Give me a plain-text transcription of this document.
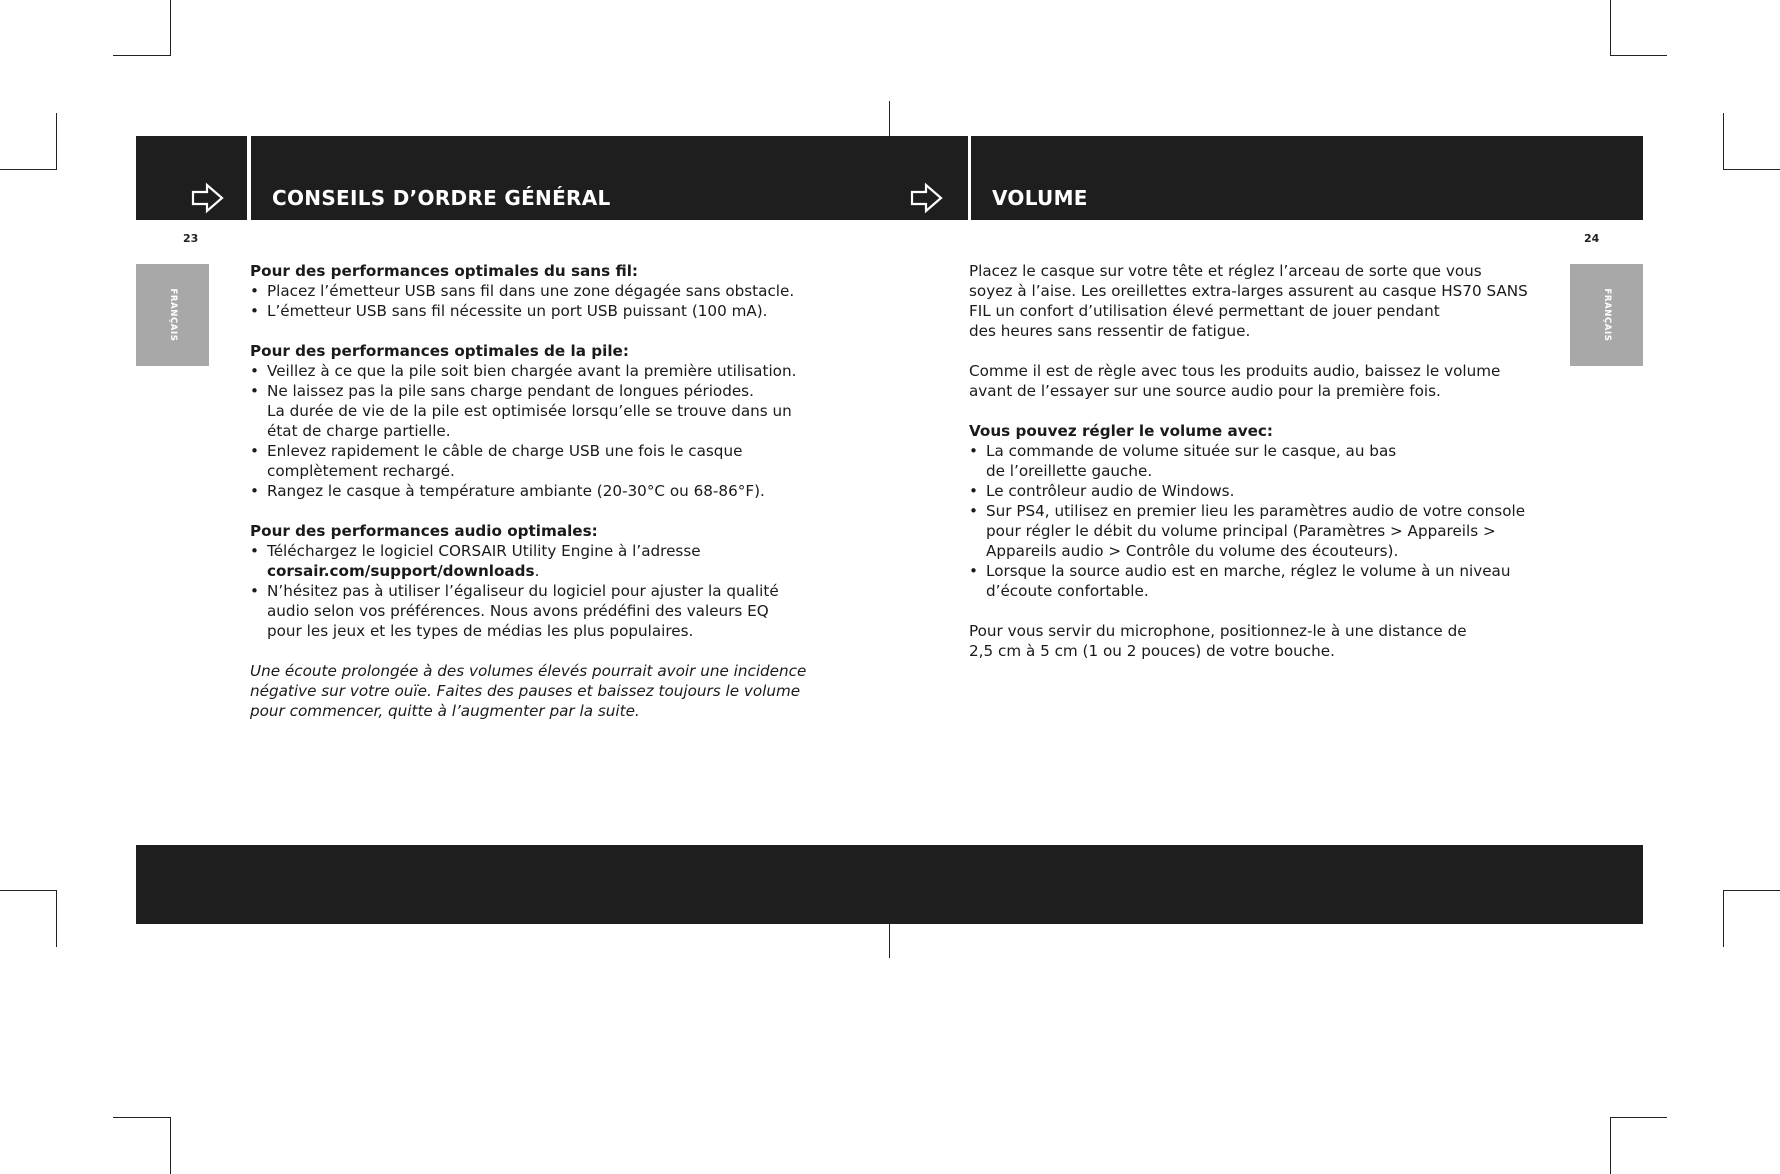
CONSEILS D’ORDRE GÉNÉRAL	VOLUME
23	24
FRANÇAIS	FRANÇAIS

Pour des performances optimales du sans fil:

• Placez l’émetteur USB sans fil dans une zone dégagée sans obstacle.
• L’émetteur USB sans fil nécessite un port USB puissant (100 mA).

Pour des performances optimales de la pile:

• Veillez à ce que la pile soit bien chargée avant la première utilisation.
• Ne laissez pas la pile sans charge pendant de longues périodes.
La durée de vie de la pile est optimisée lorsqu’elle se trouve dans un
état de charge partielle.
• Enlevez rapidement le câble de charge USB une fois le casque
complètement rechargé.
• Rangez le casque à température ambiante (20-30°C ou 68-86°F).

Pour des performances audio optimales:

• Téléchargez le logiciel CORSAIR Utility Engine à l’adresse
corsair.com/support/downloads.
• N’hésitez pas à utiliser l’égaliseur du logiciel pour ajuster la qualité
audio selon vos préférences. Nous avons prédéfini des valeurs EQ
pour les jeux et les types de médias les plus populaires.

Une écoute prolongée à des volumes élevés pourrait avoir une incidence
négative sur votre ouïe. Faites des pauses et baissez toujours le volume
pour commencer, quitte à l’augmenter par la suite.

Placez le casque sur votre tête et réglez l’arceau de sorte que vous
soyez à l’aise. Les oreillettes extra-larges assurent au casque HS70 SANS
FIL un confort d’utilisation élevé permettant de jouer pendant
des heures sans ressentir de fatigue.

Comme il est de règle avec tous les produits audio, baissez le volume
avant de l’essayer sur une source audio pour la première fois.

Vous pouvez régler le volume avec:

• La commande de volume située sur le casque, au bas
de l’oreillette gauche.
• Le contrôleur audio de Windows.
• Sur PS4, utilisez en premier lieu les paramètres audio de votre console
pour régler le débit du volume principal (Paramètres > Appareils >
Appareils audio > Contrôle du volume des écouteurs).
• Lorsque la source audio est en marche, réglez le volume à un niveau
d’écoute confortable.

Pour vous servir du microphone, positionnez-le à une distance de
2,5 cm à 5 cm (1 ou 2 pouces) de votre bouche.
